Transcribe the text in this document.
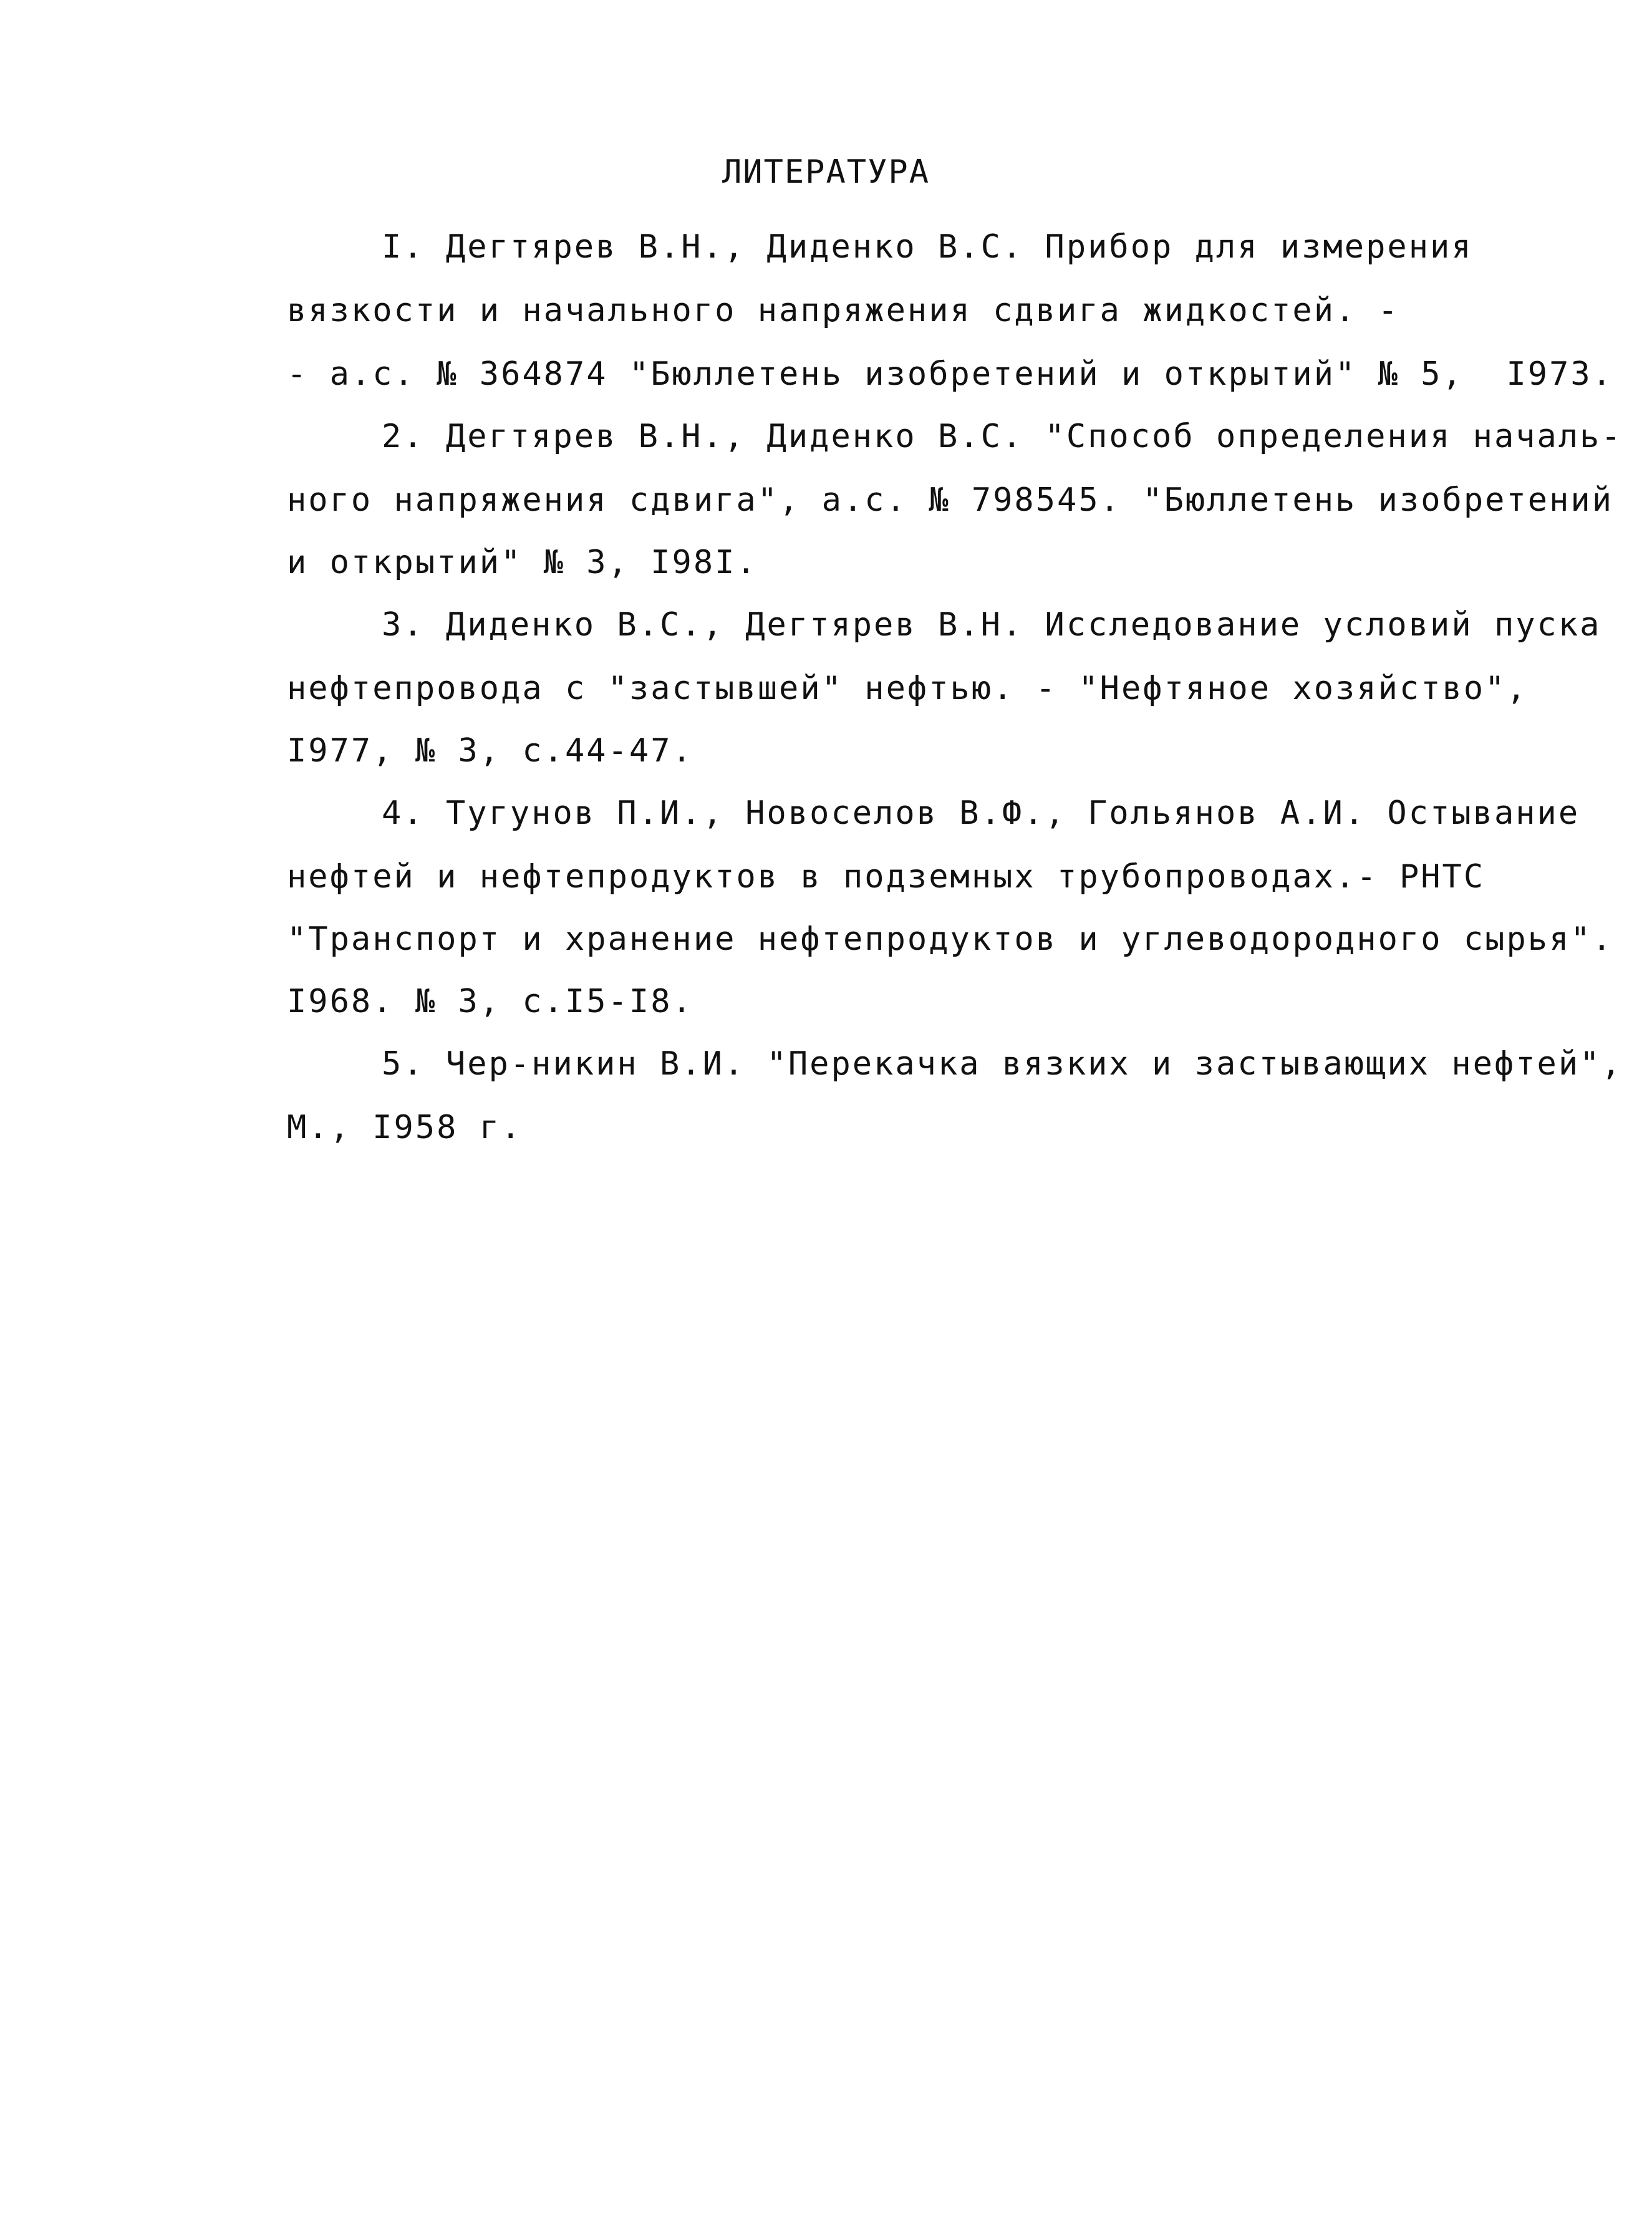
ЛИТЕРАТУРА
I. Дегтярев В.Н., Диденко В.С. Прибор для измерения
вязкости и начального напряжения сдвига жидкостей. -
- а.с. № 364874 "Бюллетень изобретений и открытий" № 5,  I973.
2. Дегтярев В.Н., Диденко В.С. "Способ определения началь-
ного напряжения сдвига", а.с. № 798545. "Бюллетень изобретений
и открытий" № 3, I98I.
3. Диденко В.С., Дегтярев В.Н. Исследование условий пуска
нефтепровода с "застывшей" нефтью. - "Нефтяное хозяйство",
I977, № 3, с.44-47.
4. Тугунов П.И., Новоселов В.Ф., Гольянов А.И. Остывание
нефтей и нефтепродуктов в подземных трубопроводах.- РНТС
"Транспорт и хранение нефтепродуктов и углеводородного сырья".
I968. № 3, с.I5-I8.
5. Чер-никин В.И. "Перекачка вязких и застывающих нефтей",
М., I958 г.
